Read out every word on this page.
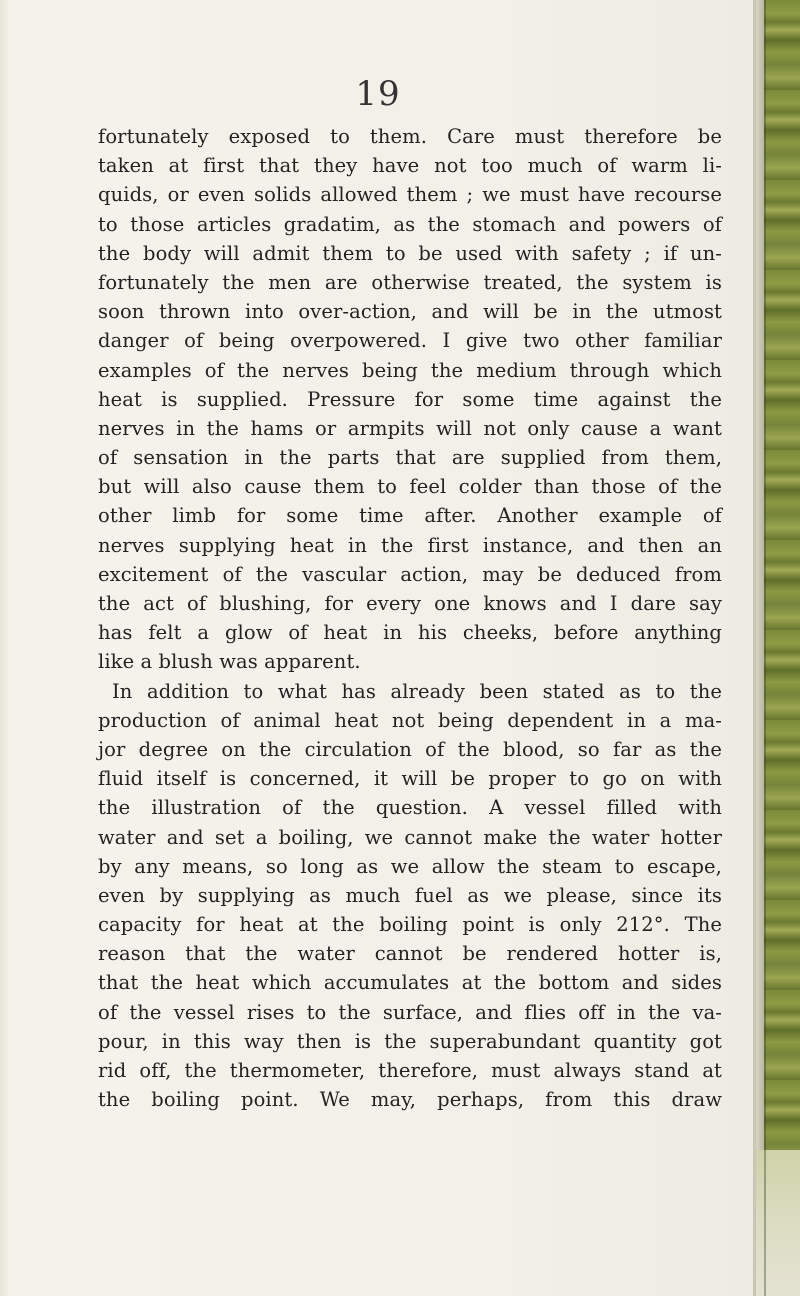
19
fortunately exposed to them. Care must therefore be
taken at first that they have not too much of warm li-
quids, or even solids allowed them ; we must have recourse
to those articles gradatim, as the stomach and powers of
the body will admit them to be used with safety ; if un-
fortunately the men are otherwise treated, the system is
soon thrown into over-action, and will be in the utmost
danger of being overpowered. I give two other familiar
examples of the nerves being the medium through which
heat is supplied. Pressure for some time against the
nerves in the hams or armpits will not only cause a want
of sensation in the parts that are supplied from them,
but will also cause them to feel colder than those of the
other limb for some time after. Another example of
nerves supplying heat in the first instance, and then an
excitement of the vascular action, may be deduced from
the act of blushing, for every one knows and I dare say
has felt a glow of heat in his cheeks, before anything
like a blush was apparent.
In addition to what has already been stated as to the
production of animal heat not being dependent in a ma-
jor degree on the circulation of the blood, so far as the
fluid itself is concerned, it will be proper to go on with
the illustration of the question. A vessel filled with
water and set a boiling, we cannot make the water hotter
by any means, so long as we allow the steam to escape,
even by supplying as much fuel as we please, since its
capacity for heat at the boiling point is only 212°. The
reason that the water cannot be rendered hotter is,
that the heat which accumulates at the bottom and sides
of the vessel rises to the surface, and flies off in the va-
pour, in this way then is the superabundant quantity got
rid off, the thermometer, therefore, must always stand at
the boiling point. We may, perhaps, from this draw
